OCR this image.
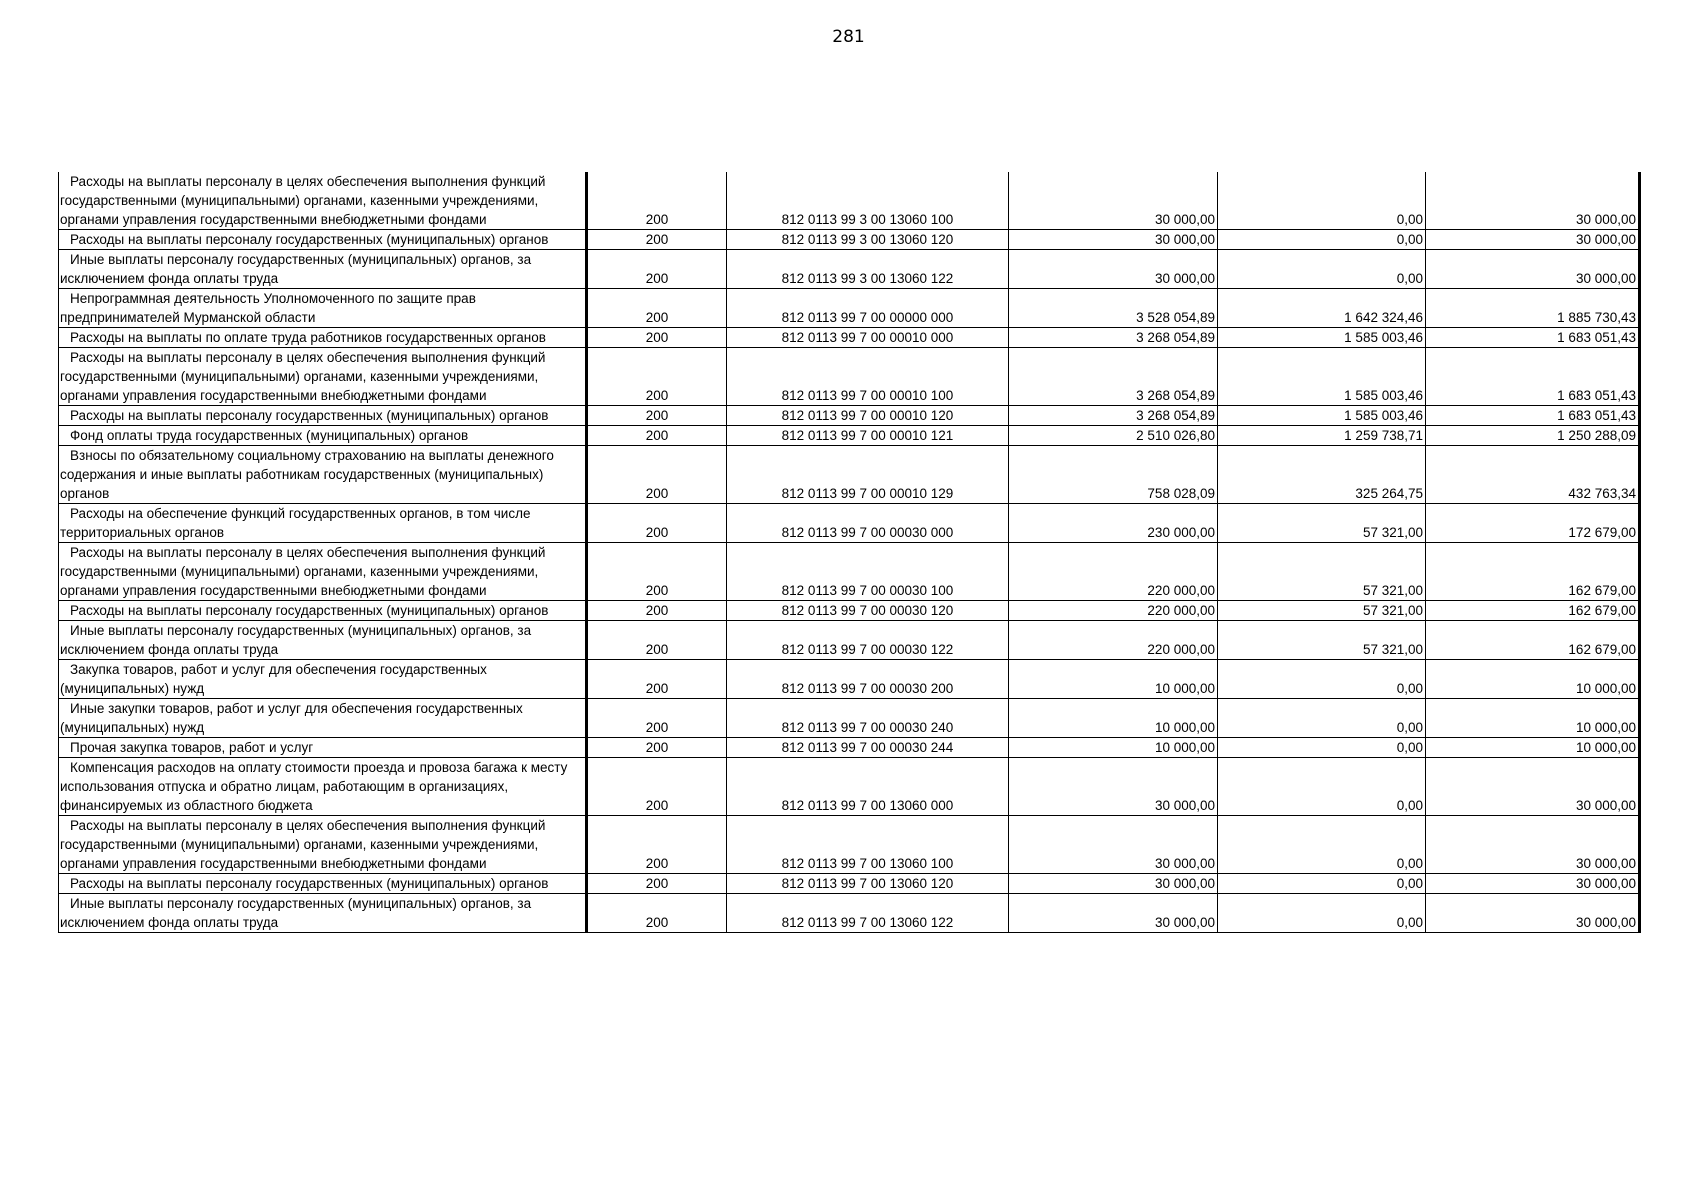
281
Расходы на выплаты персоналу в целях обеспечения выполнения функций государственными (муниципальными) органами, казенными учреждениями, органами управления государственными внебюджетными фондами	200	812 0113 99 3 00 13060 100	30 000,00	0,00	30 000,00
Расходы на выплаты персоналу государственных (муниципальных) органов	200	812 0113 99 3 00 13060 120	30 000,00	0,00	30 000,00
Иные выплаты персоналу государственных (муниципальных) органов, за исключением фонда оплаты труда	200	812 0113 99 3 00 13060 122	30 000,00	0,00	30 000,00
Непрограммная деятельность Уполномоченного по защите прав предпринимателей Мурманской области	200	812 0113 99 7 00 00000 000	3 528 054,89	1 642 324,46	1 885 730,43
Расходы на выплаты по оплате труда работников государственных органов	200	812 0113 99 7 00 00010 000	3 268 054,89	1 585 003,46	1 683 051,43
Расходы на выплаты персоналу в целях обеспечения выполнения функций государственными (муниципальными) органами, казенными учреждениями, органами управления государственными внебюджетными фондами	200	812 0113 99 7 00 00010 100	3 268 054,89	1 585 003,46	1 683 051,43
Расходы на выплаты персоналу государственных (муниципальных) органов	200	812 0113 99 7 00 00010 120	3 268 054,89	1 585 003,46	1 683 051,43
Фонд оплаты труда государственных (муниципальных) органов	200	812 0113 99 7 00 00010 121	2 510 026,80	1 259 738,71	1 250 288,09
Взносы по обязательному социальному страхованию на выплаты денежного содержания и иные выплаты работникам государственных (муниципальных) органов	200	812 0113 99 7 00 00010 129	758 028,09	325 264,75	432 763,34
Расходы на обеспечение функций государственных органов, в том числе территориальных органов	200	812 0113 99 7 00 00030 000	230 000,00	57 321,00	172 679,00
Расходы на выплаты персоналу в целях обеспечения выполнения функций государственными (муниципальными) органами, казенными учреждениями, органами управления государственными внебюджетными фондами	200	812 0113 99 7 00 00030 100	220 000,00	57 321,00	162 679,00
Расходы на выплаты персоналу государственных (муниципальных) органов	200	812 0113 99 7 00 00030 120	220 000,00	57 321,00	162 679,00
Иные выплаты персоналу государственных (муниципальных) органов, за исключением фонда оплаты труда	200	812 0113 99 7 00 00030 122	220 000,00	57 321,00	162 679,00
Закупка товаров, работ и услуг для обеспечения государственных (муниципальных) нужд	200	812 0113 99 7 00 00030 200	10 000,00	0,00	10 000,00
Иные закупки товаров, работ и услуг для обеспечения государственных (муниципальных) нужд	200	812 0113 99 7 00 00030 240	10 000,00	0,00	10 000,00
Прочая закупка товаров, работ и услуг	200	812 0113 99 7 00 00030 244	10 000,00	0,00	10 000,00
Компенсация расходов на оплату стоимости проезда и провоза багажа к месту использования отпуска и обратно лицам, работающим в организациях, финансируемых из областного бюджета	200	812 0113 99 7 00 13060 000	30 000,00	0,00	30 000,00
Расходы на выплаты персоналу в целях обеспечения выполнения функций государственными (муниципальными) органами, казенными учреждениями, органами управления государственными внебюджетными фондами	200	812 0113 99 7 00 13060 100	30 000,00	0,00	30 000,00
Расходы на выплаты персоналу государственных (муниципальных) органов	200	812 0113 99 7 00 13060 120	30 000,00	0,00	30 000,00
Иные выплаты персоналу государственных (муниципальных) органов, за исключением фонда оплаты труда	200	812 0113 99 7 00 13060 122	30 000,00	0,00	30 000,00
